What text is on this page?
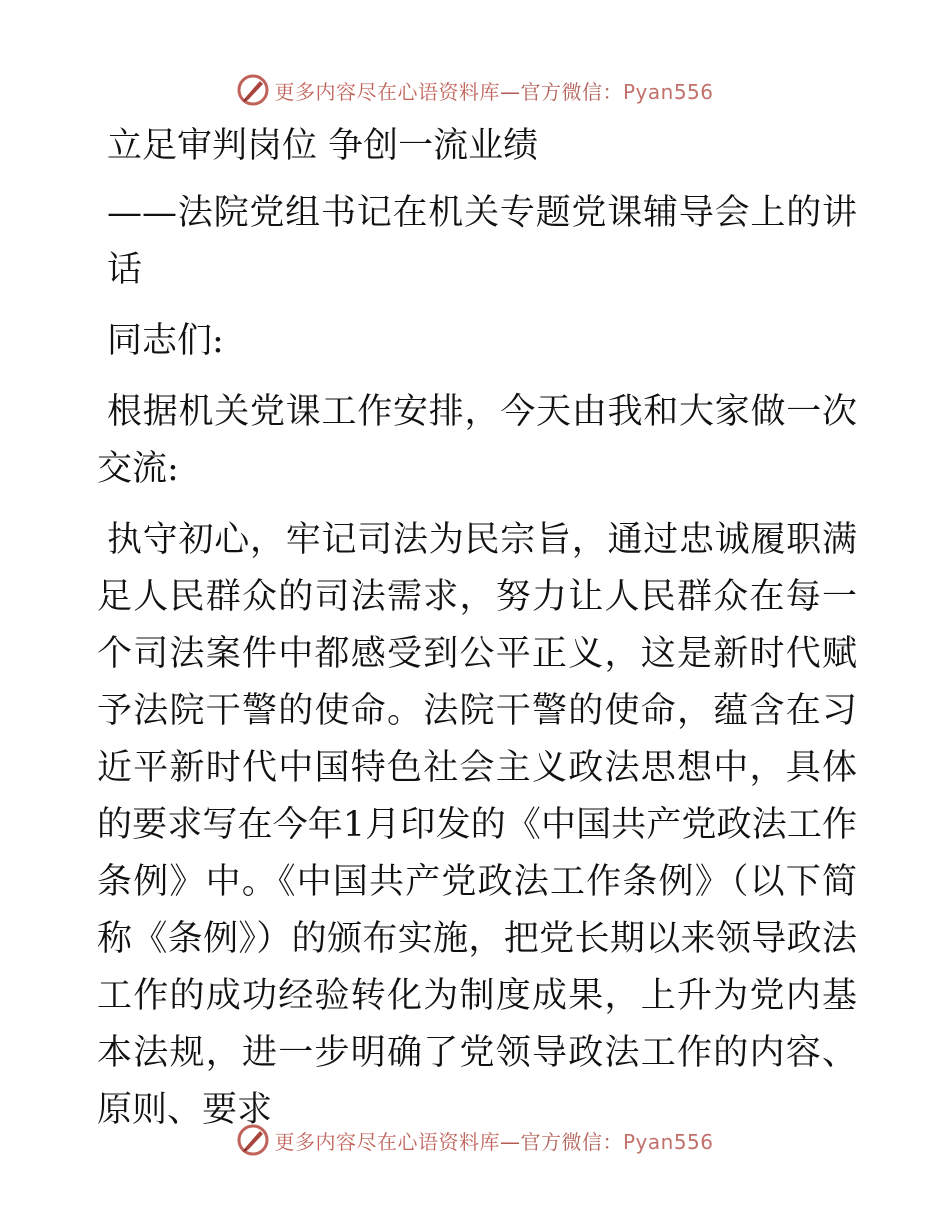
更多内容尽在心语资料库—官方微信：Pyan556

立足审判岗位 争创一流业绩

——法院党组书记在机关专题党课辅导会上的讲话

同志们:

根据机关党课工作安排，今天由我和大家做一次交流:

执守初心，牢记司法为民宗旨，通过忠诚履职满足人民群众的司法需求，努力让人民群众在每一个司法案件中都感受到公平正义，这是新时代赋予法院干警的使命。法院干警的使命，蕴含在习近平新时代中国特色社会主义政法思想中，具体的要求写在今年1月印发的《中国共产党政法工作条例》中。《中国共产党政法工作条例》（以下简称《条例》）的颁布实施，把党长期以来领导政法工作的成功经验转化为制度成果，上升为党内基本法规，进一步明确了党领导政法工作的内容、原则、要求

更多内容尽在心语资料库—官方微信：Pyan556
